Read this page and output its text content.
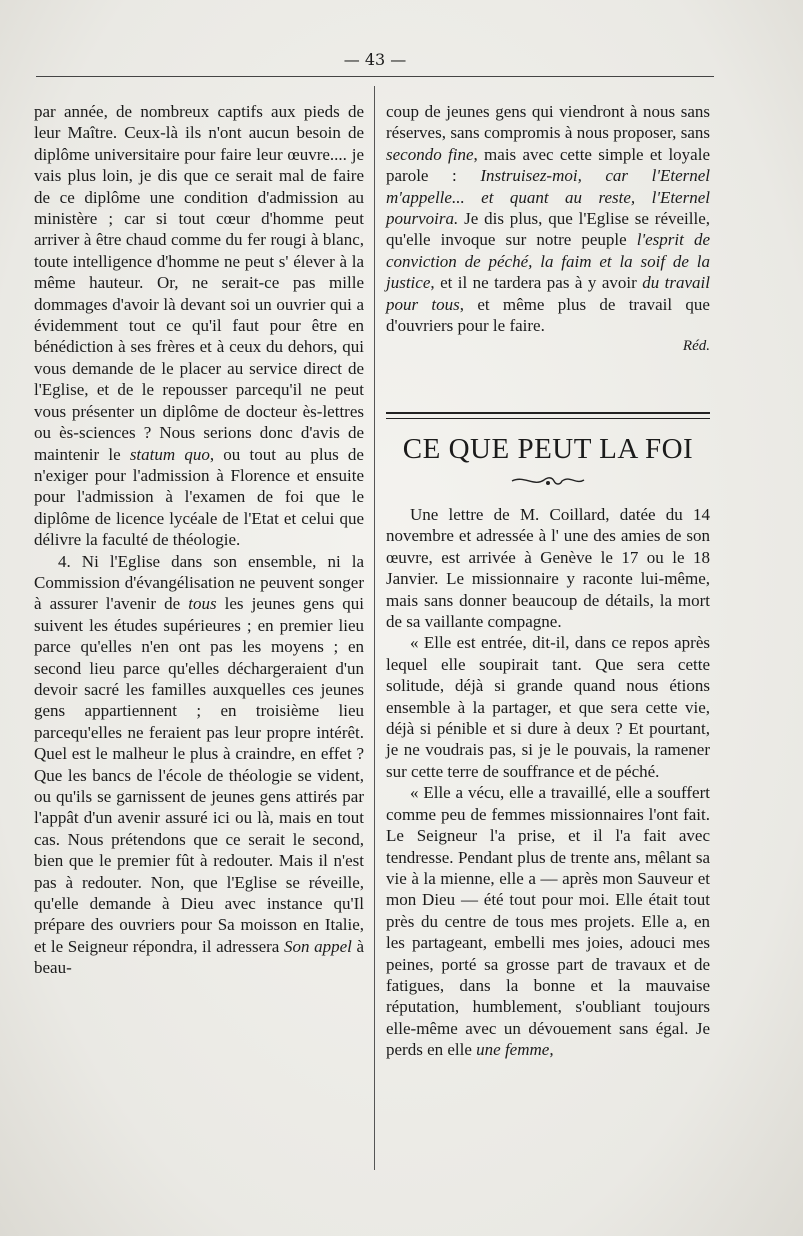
— 43 —

par année, de nombreux captifs aux pieds de leur Maître. Ceux-là ils n'ont aucun besoin de diplôme universitaire pour faire leur œuvre.... je vais plus loin, je dis que ce serait mal de faire de ce diplôme une condition d'admission au ministère ; car si tout cœur d'homme peut arriver à être chaud comme du fer rougi à blanc, toute intelligence d'homme ne peut s' élever à la même hauteur. Or, ne serait-ce pas mille dommages d'avoir là devant soi un ouvrier qui a évidemment tout ce qu'il faut pour être en bénédiction à ses frères et à ceux du dehors, qui vous demande de le placer au service direct de l'Eglise, et de le repousser parcequ'il ne peut vous présenter un diplôme de docteur ès-lettres ou ès-sciences ? Nous serions donc d'avis de maintenir le statum quo, ou tout au plus de n'exiger pour l'admission à Florence et ensuite pour l'admission à l'examen de foi que le diplôme de licence lycéale de l'Etat et celui que délivre la faculté de théologie.

4. Ni l'Eglise dans son ensemble, ni la Commission d'évangélisation ne peuvent songer à assurer l'avenir de tous les jeunes gens qui suivent les études supérieures ; en premier lieu parce qu'elles n'en ont pas les moyens ; en second lieu parce qu'elles déchargeraient d'un devoir sacré les familles auxquelles ces jeunes gens appartiennent ; en troisième lieu parcequ'elles ne feraient pas leur propre intérêt. Quel est le malheur le plus à craindre, en effet ? Que les bancs de l'école de théologie se vident, ou qu'ils se garnissent de jeunes gens attirés par l'appât d'un avenir assuré ici ou là, mais en tout cas. Nous prétendons que ce serait le second, bien que le premier fût à redouter. Mais il n'est pas à redouter. Non, que l'Eglise se réveille, qu'elle demande à Dieu avec instance qu'Il prépare des ouvriers pour Sa moisson en Italie, et le Seigneur répondra, il adressera Son appel à beau-

coup de jeunes gens qui viendront à nous sans réserves, sans compromis à nous proposer, sans secondo fine, mais avec cette simple et loyale parole : Instruisez-moi, car l'Eternel m'appelle... et quant au reste, l'Eternel pourvoira. Je dis plus, que l'Eglise se réveille, qu'elle invoque sur notre peuple l'esprit de conviction de péché, la faim et la soif de la justice, et il ne tardera pas à y avoir du travail pour tous, et même plus de travail que d'ouvriers pour le faire.

Réd.

CE QUE PEUT LA FOI

Une lettre de M. Coillard, datée du 14 novembre et adressée à l' une des amies de son œuvre, est arrivée à Genève le 17 ou le 18 Janvier. Le missionnaire y raconte lui-même, mais sans donner beaucoup de détails, la mort de sa vaillante compagne.

« Elle est entrée, dit-il, dans ce repos après lequel elle soupirait tant. Que sera cette solitude, déjà si grande quand nous étions ensemble à la partager, et que sera cette vie, déjà si pénible et si dure à deux ? Et pourtant, je ne voudrais pas, si je le pouvais, la ramener sur cette terre de souffrance et de péché.

« Elle a vécu, elle a travaillé, elle a souffert comme peu de femmes missionnaires l'ont fait. Le Seigneur l'a prise, et il l'a fait avec tendresse. Pendant plus de trente ans, mêlant sa vie à la mienne, elle a — après mon Sauveur et mon Dieu — été tout pour moi. Elle était tout près du centre de tous mes projets. Elle a, en les partageant, embelli mes joies, adouci mes peines, porté sa grosse part de travaux et de fatigues, dans la bonne et la mauvaise réputation, humblement, s'oubliant toujours elle-même avec un dévouement sans égal. Je perds en elle une femme,
